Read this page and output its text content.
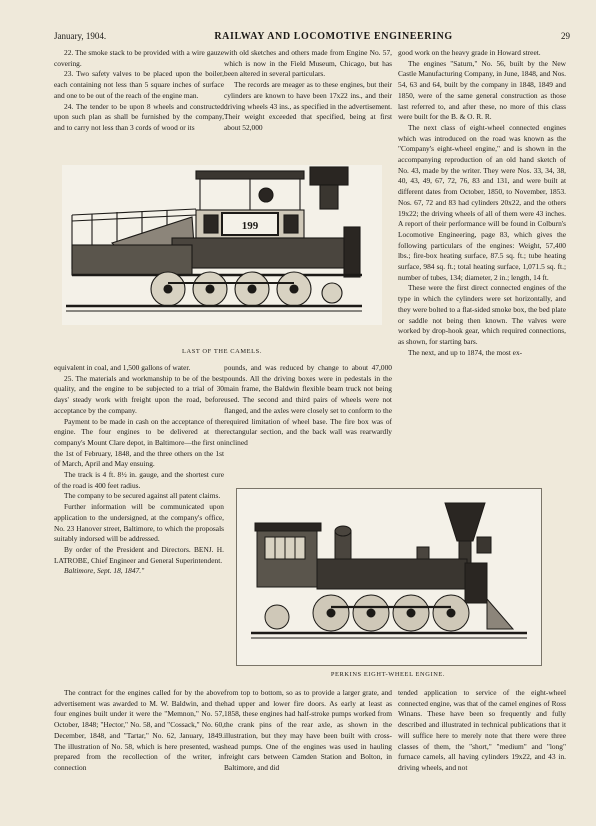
January, 1904.	RAILWAY AND LOCOMOTIVE ENGINEERING	29

22. The smoke stack to be provided with a wire gauze covering.

23. Two safety valves to be placed upon the boiler, each containing not less than 5 square inches of surface and one to be out of the reach of the engine man.

24. The tender to be upon 8 wheels and constructed upon such plan as shall be furnished by the company, and to carry not less than 3 cords of wood or its

with old sketches and others made from Engine No. 57, which is now in the Field Museum, Chicago, but has been altered in several particulars.

The records are meager as to these engines, but their cylinders are known to have been 17x22 ins., and their driving wheels 43 ins., as specified in the advertisement. Their weight exceeded that specified, being at first about 52,000

good work on the heavy grade in Howard street.

The engines "Saturn," No. 56, built by the New Castle Manufacturing Company, in June, 1848, and Nos. 54, 63 and 64, built by the company in 1848, 1849 and 1850, were of the same general construction as those last referred to, and after these, no more of this class were built for the B. & O. R. R.

The next class of eight-wheel connected engines which was introduced on the road was known as the "Company's eight-wheel engine," and is shown in the accompanying reproduction of an old hand sketch of No. 43, made by the writer. They were Nos. 33, 34, 38, 40, 43, 49, 67, 72, 76, 83 and 131, and were built at different dates from October, 1850, to November, 1853. Nos. 67, 72 and 83 had cylinders 20x22, and the others 19x22; the driving wheels of all of them were 43 inches. A report of their performance will be found in Colburn's Locomotive Engineering, page 83, which gives the following particulars of the engines: Weight, 57,400 lbs.; fire-box heating surface, 87.5 sq. ft.; tube heating surface, 984 sq. ft.; total heating surface, 1,071.5 sq. ft.; number of tubes, 134; diameter, 2 in.; length, 14 ft.

These were the first direct connected engines of the type in which the cylinders were set horizontally, and they were bolted to a flat-sided smoke box, the bed plate or saddle not being then known. The valves were worked by drop-hook gear, which required connections, as shown, for starting bars.

The next, and up to 1874, the most ex-

199
LAST OF THE CAMELS.

equivalent in coal, and 1,500 gallons of water.

25. The materials and workmanship to be of the best quality, and the engine to be subjected to a trial of 30 days' steady work with freight upon the road, before acceptance by the company.

Payment to be made in cash on the acceptance of the engine. The four engines to be delivered at the company's Mount Clare depot, in Baltimore—the first on the 1st of February, 1848, and the three others on the 1st of March, April and May ensuing.

The track is 4 ft. 8½ in. gauge, and the shortest cure of the road is 400 feet radius.

The company to be secured against all patent claims.

Further information will be communicated upon application to the undersigned, at the company's office, No. 23 Hanover street, Baltimore, to which the proposals suitably indorsed will be addressed.

By order of the President and Directors. BENJ. H. LATROBE, Chief Engineer and General Superintendent.

Baltimore, Sept. 18, 1847."

pounds, and was reduced by change to about 47,000 pounds. All the driving boxes were in pedestals in the main frame, the Baldwin flexible beam truck not being used. The second and third pairs of wheels were not flanged, and the axles were closely set to conform to the required limitation of wheel base. The fire box was of rectangular section, and the back wall was rearwardly inclined

PERKINS EIGHT-WHEEL ENGINE.

The contract for the engines called for by the above advertisement was awarded to M. W. Baldwin, and the four engines built under it were the "Memnon," No. 57, October, 1848; "Hector," No. 58, and "Cossack," No. 60, December, 1848, and "Tartar," No. 62, January, 1849. The illustration of No. 58, which is here presented, was prepared from the recollection of the writer, in connection

from top to bottom, so as to provide a larger grate, and had upper and lower fire doors. As early at least as 1858, these engines had half-stroke pumps worked from the crank pins of the rear axle, as shown in the illustration, but they may have been built with cross-head pumps. One of the engines was used in hauling freight cars between Camden Station and Bolton, in Baltimore, and did

tended application to service of the eight-wheel connected engine, was that of the camel engines of Ross Winans. These have been so frequently and fully described and illustrated in technical publications that it will suffice here to merely note that there were three classes of them, the "short," "medium" and "long" furnace camels, all having cylinders 19x22, and 43 in. driving wheels, and not
